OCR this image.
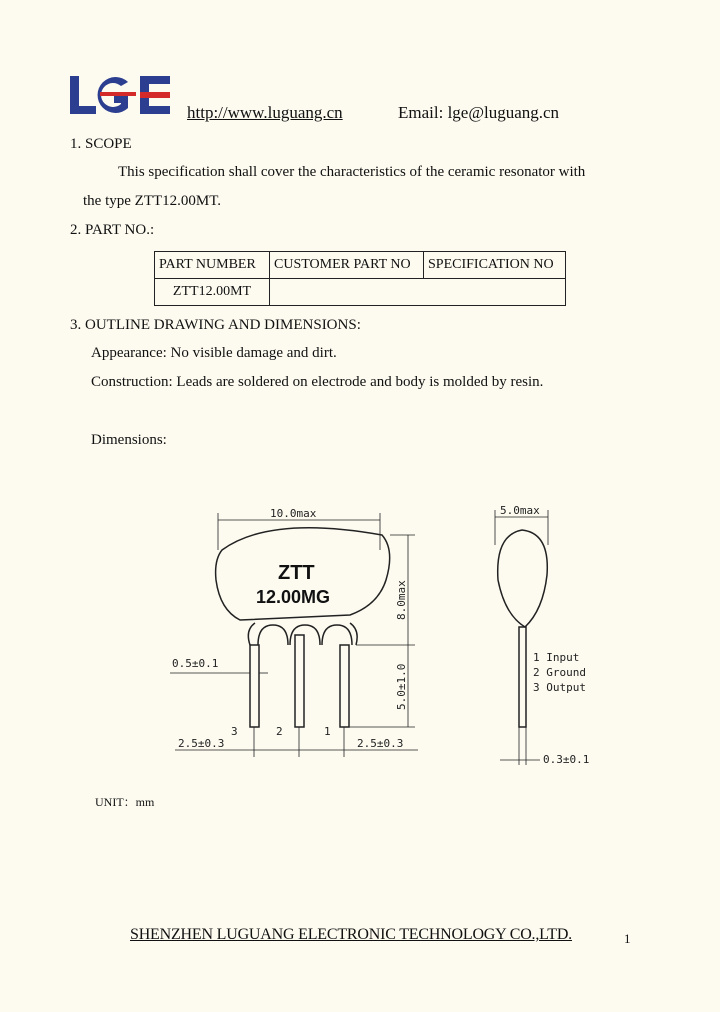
http://www.luguang.cn	Email: lge@luguang.cn
1. SCOPE
This specification shall cover the characteristics of the ceramic resonator with
the type ZTT12.00MT.
2. PART NO.:
PART NUMBER	CUSTOMER PART NO	SPECIFICATION NO
ZTT12.00MT		
3. OUTLINE DRAWING AND DIMENSIONS:
Appearance: No visible damage and dirt.
Construction: Leads are soldered on electrode and body is molded by resin.
Dimensions:
10.0max
ZTT
12.00MG	8.0max
5.0±1.0
0.5±0.1
3	2	1
2.5±0.3	2.5±0.3
5.0max
0.3±0.1
1 Input
2 Ground
3 Output
UNIT：mm
SHENZHEN LUGUANG ELECTRONIC TECHNOLOGY CO.,LTD.	1
